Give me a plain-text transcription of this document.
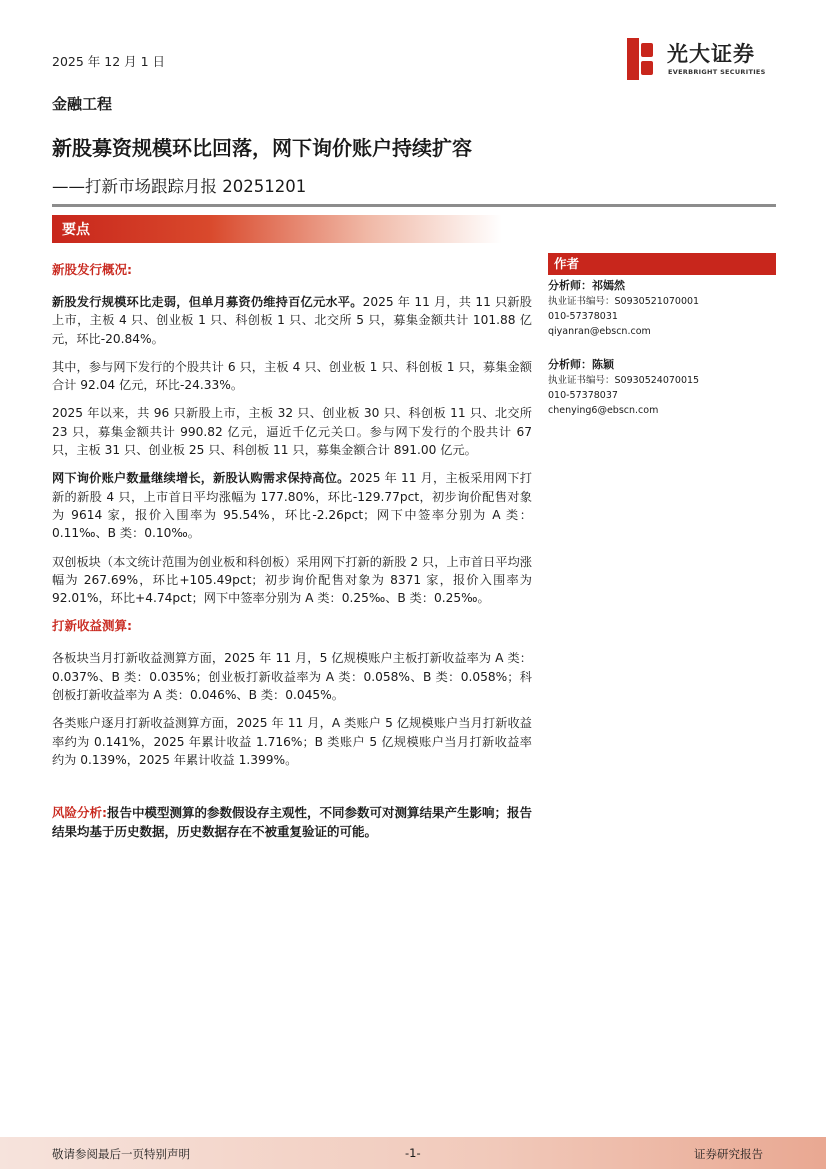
2025 年 12 月 1 日	光大证券
EVERBRIGHT SECURITIES
金融工程
新股募资规模环比回落，网下询价账户持续扩容
——打新市场跟踪月报 20251201
要点
新股发行概况:

新股发行规模环比走弱，但单月募资仍维持百亿元水平。2025 年 11 月，共 11 只新股上市，主板 4 只、创业板 1 只、科创板 1 只、北交所 5 只，募集金额共计 101.88 亿元，环比-20.84%。

其中，参与网下发行的个股共计 6 只，主板 4 只、创业板 1 只、科创板 1 只，募集金额合计 92.04 亿元，环比-24.33%。

2025 年以来，共 96 只新股上市，主板 32 只、创业板 30 只、科创板 11 只、北交所 23 只，募集金额共计 990.82 亿元，逼近千亿元关口。参与网下发行的个股共计 67 只，主板 31 只、创业板 25 只、科创板 11 只，募集金额合计 891.00 亿元。

网下询价账户数量继续增长，新股认购需求保持高位。2025 年 11 月，主板采用网下打新的新股 4 只，上市首日平均涨幅为 177.80%，环比-129.77pct，初步询价配售对象为 9614 家，报价入围率为 95.54%，环比-2.26pct；网下中签率分别为 A 类：0.11‰、B 类：0.10‰。

双创板块（本文统计范围为创业板和科创板）采用网下打新的新股 2 只，上市首日平均涨幅为 267.69%，环比+105.49pct；初步询价配售对象为 8371 家，报价入围率为 92.01%，环比+4.74pct；网下中签率分别为 A 类：0.25‰、B 类：0.25‰。

打新收益测算:

各板块当月打新收益测算方面，2025 年 11 月，5 亿规模账户主板打新收益率为 A 类：0.037%、B 类：0.035%；创业板打新收益率为 A 类：0.058%、B 类：0.058%；科创板打新收益率为 A 类：0.046%、B 类：0.045%。

各类账户逐月打新收益测算方面，2025 年 11 月，A 类账户 5 亿规模账户当月打新收益率约为 0.141%，2025 年累计收益 1.716%；B 类账户 5 亿规模账户当月打新收益率约为 0.139%，2025 年累计收益 1.399%。

风险分析:报告中模型测算的参数假设存主观性，不同参数可对测算结果产生影响；报告结果均基于历史数据，历史数据存在不被重复验证的可能。
作者
分析师：祁嫣然
执业证书编号：S0930521070001
010-57378031
qiyanran@ebscn.com
分析师：陈颖
执业证书编号：S0930524070015
010-57378037
chenying6@ebscn.com
敬请参阅最后一页特别声明	-1-	证券研究报告
